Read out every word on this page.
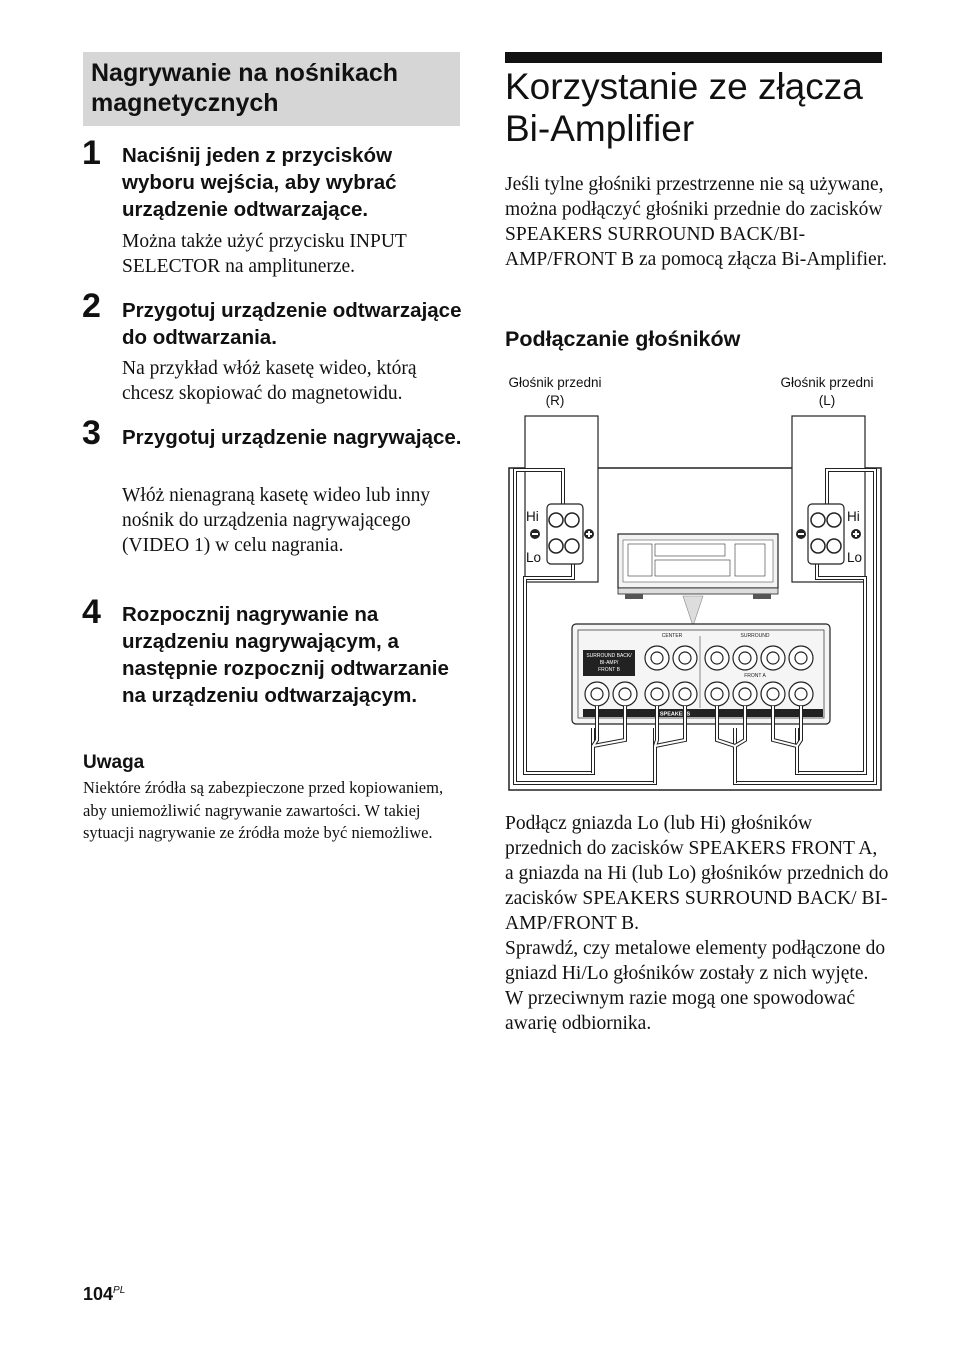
Nagrywanie na nośnikach magnetycznych
1 Naciśnij jeden z przycisków wyboru wejścia, aby wybrać urządzenie odtwarzające.
Można także użyć przycisku INPUT SELECTOR na amplitunerze.
2 Przygotuj urządzenie odtwarzające do odtwarzania.
Na przykład włóż kasetę wideo, którą chcesz skopiować do magnetowidu.
3 Przygotuj urządzenie nagrywające.
Włóż nienagraną kasetę wideo lub inny nośnik do urządzenia nagrywającego (VIDEO 1) w celu nagrania.
4 Rozpocznij nagrywanie na urządzeniu nagrywającym, a następnie rozpocznij odtwarzanie na urządzeniu odtwarzającym.
Uwaga
Niektóre źródła są zabezpieczone przed kopiowaniem, aby uniemożliwić nagrywanie zawartości. W takiej sytuacji nagrywanie ze źródła może być niemożliwe.
Korzystanie ze złącza Bi-Amplifier
Jeśli tylne głośniki przestrzenne nie są używane, można podłączyć głośniki przednie do zacisków SPEAKERS SURROUND BACK/BI-AMP/FRONT B za pomocą złącza Bi-Amplifier.
Podłączanie głośników
Głośnik przedni (R)
Głośnik przedni (L)
SURROUND BACK/
BI-AMP/
FRONT B
CENTER	SURROUND
FRONT A
SPEAKERS
Hi
Lo
Hi
Lo
Podłącz gniazda Lo (lub Hi) głośników przednich do zacisków SPEAKERS FRONT A, a gniazda na Hi (lub Lo) głośników przednich do zacisków SPEAKERS SURROUND BACK/ BI-AMP/FRONT B.
Sprawdź, czy metalowe elementy podłączone do gniazd Hi/Lo głośników zostały z nich wyjęte. W przeciwnym razie mogą one spowodować awarię odbiornika.
$104^{PL}$
